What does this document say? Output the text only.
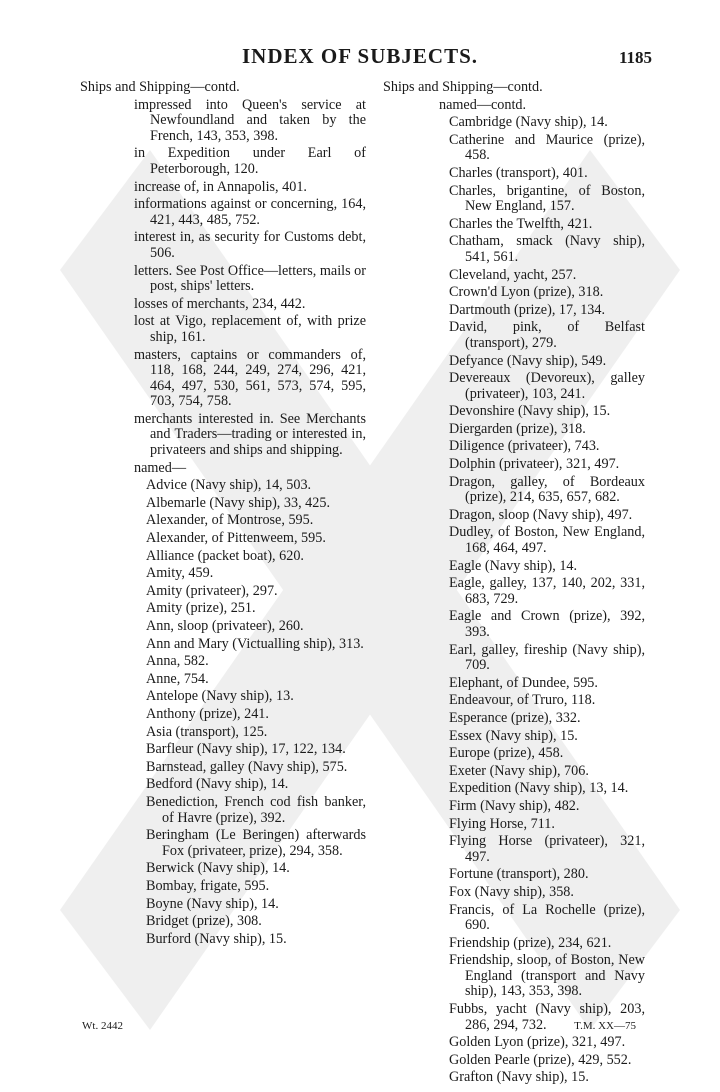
INDEX OF SUBJECTS.	1185
Ships and Shipping—contd.
impressed into Queen's service at Newfoundland and taken by the French, 143, 353, 398.
in Expedition under Earl of Peterborough, 120.
increase of, in Annapolis, 401.
informations against or concerning, 164, 421, 443, 485, 752.
interest in, as security for Customs debt, 506.
letters. See Post Office—letters, mails or post, ships' letters.
losses of merchants, 234, 442.
lost at Vigo, replacement of, with prize ship, 161.
masters, captains or commanders of, 118, 168, 244, 249, 274, 296, 421, 464, 497, 530, 561, 573, 574, 595, 703, 754, 758.
merchants interested in. See Merchants and Traders—trading or interested in, privateers and ships and shipping.
named—
Advice (Navy ship), 14, 503.
Albemarle (Navy ship), 33, 425.
Alexander, of Montrose, 595.
Alexander, of Pittenweem, 595.
Alliance (packet boat), 620.
Amity, 459.
Amity (privateer), 297.
Amity (prize), 251.
Ann, sloop (privateer), 260.
Ann and Mary (Victualling ship), 313.
Anna, 582.
Anne, 754.
Antelope (Navy ship), 13.
Anthony (prize), 241.
Asia (transport), 125.
Barfleur (Navy ship), 17, 122, 134.
Barnstead, galley (Navy ship), 575.
Bedford (Navy ship), 14.
Benediction, French cod fish banker, of Havre (prize), 392.
Beringham (Le Beringen) afterwards Fox (privateer, prize), 294, 358.
Berwick (Navy ship), 14.
Bombay, frigate, 595.
Boyne (Navy ship), 14.
Bridget (prize), 308.
Burford (Navy ship), 15.
Ships and Shipping—contd.
named—contd.
Cambridge (Navy ship), 14.
Catherine and Maurice (prize), 458.
Charles (transport), 401.
Charles, brigantine, of Boston, New England, 157.
Charles the Twelfth, 421.
Chatham, smack (Navy ship), 541, 561.
Cleveland, yacht, 257.
Crown'd Lyon (prize), 318.
Dartmouth (prize), 17, 134.
David, pink, of Belfast (transport), 279.
Defyance (Navy ship), 549.
Devereaux (Devoreux), galley (privateer), 103, 241.
Devonshire (Navy ship), 15.
Diergarden (prize), 318.
Diligence (privateer), 743.
Dolphin (privateer), 321, 497.
Dragon, galley, of Bordeaux (prize), 214, 635, 657, 682.
Dragon, sloop (Navy ship), 497.
Dudley, of Boston, New England, 168, 464, 497.
Eagle (Navy ship), 14.
Eagle, galley, 137, 140, 202, 331, 683, 729.
Eagle and Crown (prize), 392, 393.
Earl, galley, fireship (Navy ship), 709.
Elephant, of Dundee, 595.
Endeavour, of Truro, 118.
Esperance (prize), 332.
Essex (Navy ship), 15.
Europe (prize), 458.
Exeter (Navy ship), 706.
Expedition (Navy ship), 13, 14.
Firm (Navy ship), 482.
Flying Horse, 711.
Flying Horse (privateer), 321, 497.
Fortune (transport), 280.
Fox (Navy ship), 358.
Francis, of La Rochelle (prize), 690.
Friendship (prize), 234, 621.
Friendship, sloop, of Boston, New England (transport and Navy ship), 143, 353, 398.
Fubbs, yacht (Navy ship), 203, 286, 294, 732.
Golden Lyon (prize), 321, 497.
Golden Pearle (prize), 429, 552.
Grafton (Navy ship), 15.
Wt. 2442	T.M. XX—75
